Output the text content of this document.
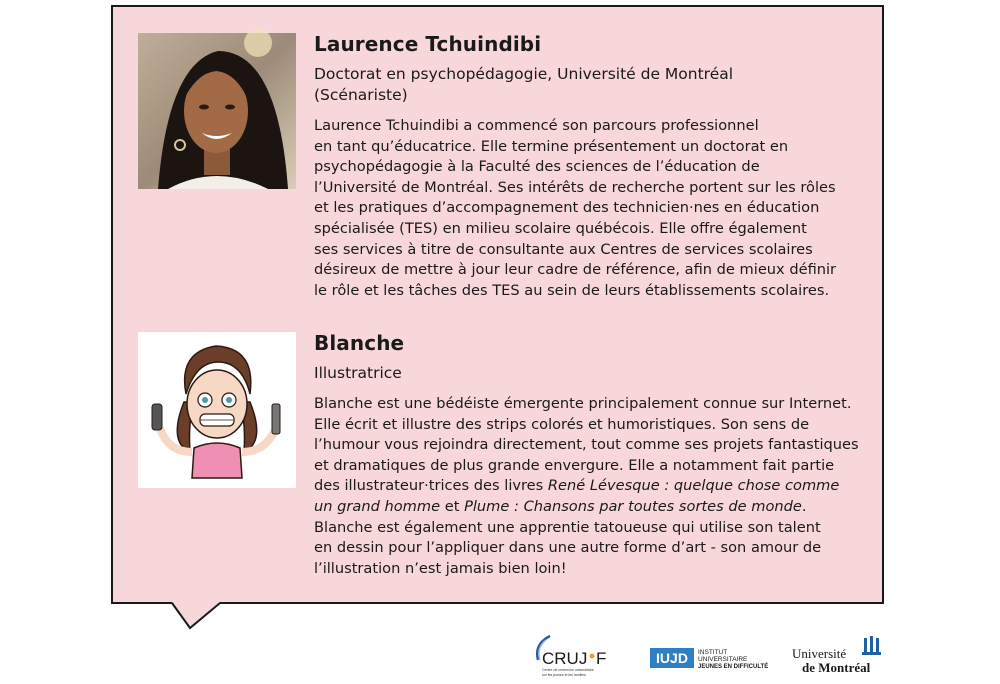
Laurence Tchuindibi
Doctorat en psychopédagogie, Université de Montréal
(Scénariste)

Laurence Tchuindibi a commencé son parcours professionnel
en tant qu’éducatrice. Elle termine présentement un doctorat en
psychopédagogie à la Faculté des sciences de l’éducation de
l’Université de Montréal. Ses intérêts de recherche portent sur les rôles
et les pratiques d’accompagnement des technicien·nes en éducation
spécialisée (TES) en milieu scolaire québécois. Elle offre également
ses services à titre de consultante aux Centres de services scolaires
désireux de mettre à jour leur cadre de référence, afin de mieux définir
le rôle et les tâches des TES au sein de leurs établissements scolaires.

Blanche
Illustratrice

Blanche est une bédéiste émergente principalement connue sur Internet.
Elle écrit et illustre des strips colorés et humoristiques. Son sens de
l’humour vous rejoindra directement, tout comme ses projets fantastiques
et dramatiques de plus grande envergure. Elle a notamment fait partie
des illustrateur·trices des livres René Lévesque : quelque chose comme
un grand homme et Plume : Chansons par toutes sortes de monde.
Blanche est également une apprentie tatoueuse qui utilise son talent
en dessin pour l’appliquer dans une autre forme d’art - son amour de
l’illustration n’est jamais bien loin!

CRUJ F
Centre de recherche universitaire
sur les jeunes et les familles
IUJD INSTITUT
UNIVERSITAIRE
JEUNES EN DIFFICULTÉ
Université
de Montréal
